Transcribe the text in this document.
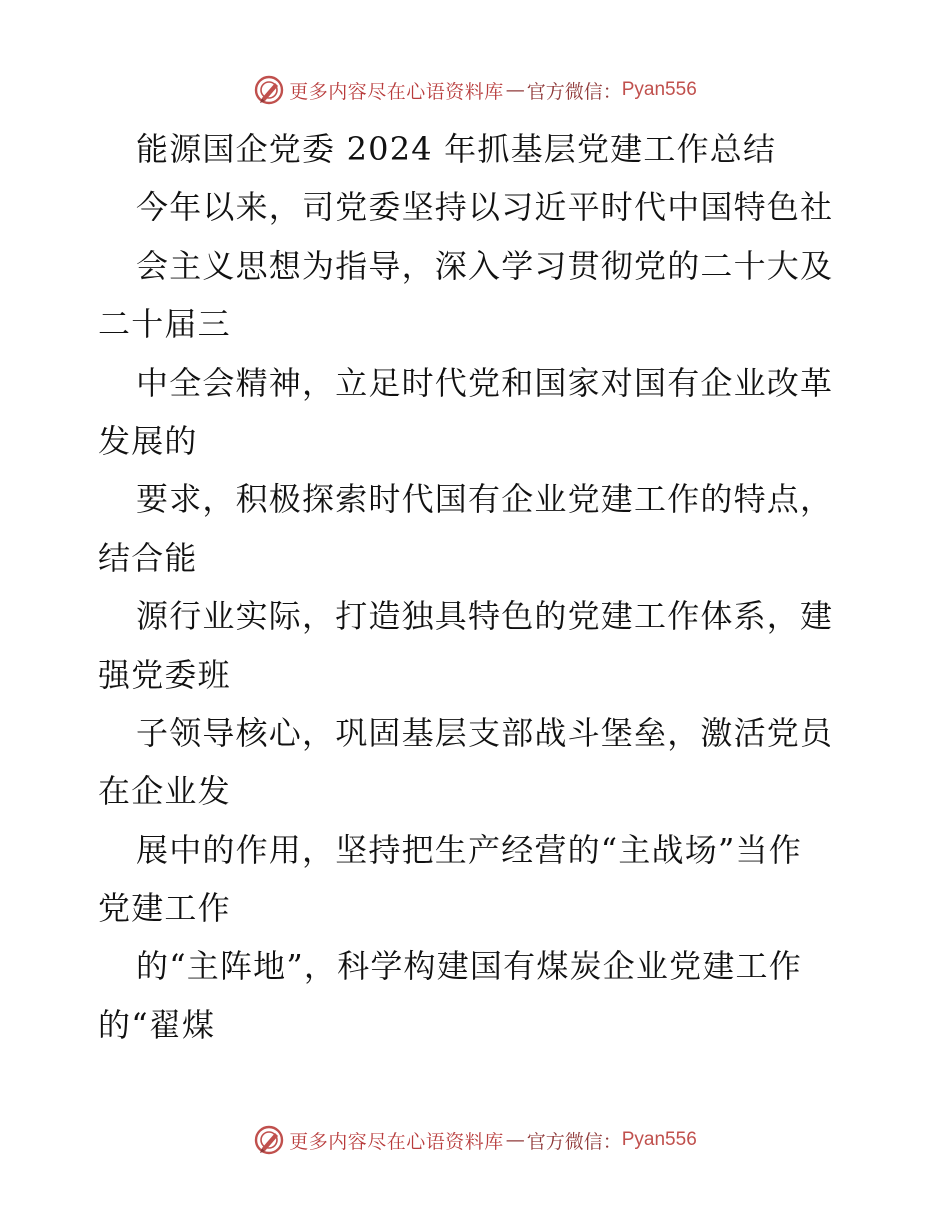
更多内容尽在心语资料库 — 官方微信： Pyan556
能源国企党委 2024 年抓基层党建工作总结
今年以来，司党委坚持以习近平时代中国特色社
会主义思想为指导，深入学习贯彻党的二十大及
二十届三
中全会精神，立足时代党和国家对国有企业改革
发展的
要求，积极探索时代国有企业党建工作的特点，
结合能
源行业实际，打造独具特色的党建工作体系，建
强党委班
子领导核心，巩固基层支部战斗堡垒，激活党员
在企业发
展中的作用，坚持把生产经营的“主战场”当作
党建工作
的“主阵地”，科学构建国有煤炭企业党建工作
的“翟煤
更多内容尽在心语资料库 — 官方微信： Pyan556
